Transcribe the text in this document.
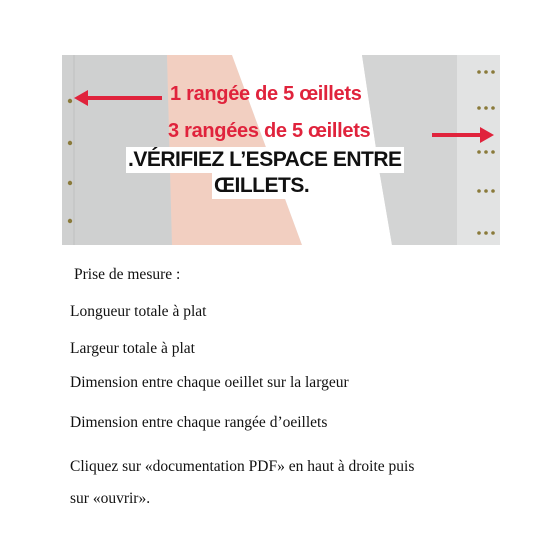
1 rangée de 5 œillets
3 rangées de 5 œillets
.VÉRIFIEZ L’ESPACE ENTRE
ŒILLETS.
Prise de mesure :
Longueur totale à plat
Largeur totale à plat
Dimension entre chaque oeillet sur la largeur
Dimension entre chaque rangée d’oeillets
Cliquez sur «documentation PDF» en haut à droite puis
sur «ouvrir».
